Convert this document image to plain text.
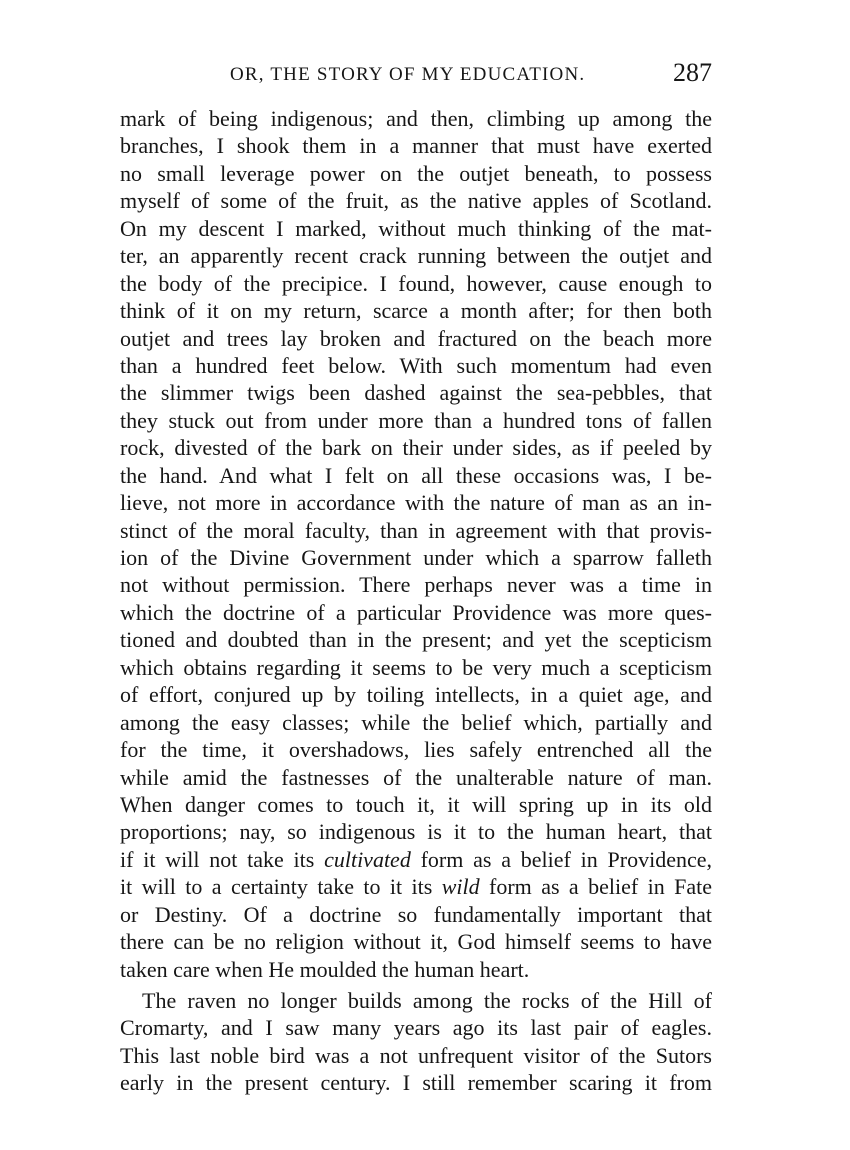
OR, THE STORY OF MY EDUCATION.	287
mark of being indigenous; and then, climbing up among the
branches, I shook them in a manner that must have exerted
no small leverage power on the outjet beneath, to possess
myself of some of the fruit, as the native apples of Scotland.
On my descent I marked, without much thinking of the mat-
ter, an apparently recent crack running between the outjet and
the body of the precipice. I found, however, cause enough to
think of it on my return, scarce a month after; for then both
outjet and trees lay broken and fractured on the beach more
than a hundred feet below. With such momentum had even
the slimmer twigs been dashed against the sea-pebbles, that
they stuck out from under more than a hundred tons of fallen
rock, divested of the bark on their under sides, as if peeled by
the hand. And what I felt on all these occasions was, I be-
lieve, not more in accordance with the nature of man as an in-
stinct of the moral faculty, than in agreement with that provis-
ion of the Divine Government under which a sparrow falleth
not without permission. There perhaps never was a time in
which the doctrine of a particular Providence was more ques-
tioned and doubted than in the present; and yet the scepticism
which obtains regarding it seems to be very much a scepticism
of effort, conjured up by toiling intellects, in a quiet age, and
among the easy classes; while the belief which, partially and
for the time, it overshadows, lies safely entrenched all the
while amid the fastnesses of the unalterable nature of man.
When danger comes to touch it, it will spring up in its old
proportions; nay, so indigenous is it to the human heart, that
if it will not take its cultivated form as a belief in Providence,
it will to a certainty take to it its wild form as a belief in Fate
or Destiny. Of a doctrine so fundamentally important that
there can be no religion without it, God himself seems to have
taken care when He moulded the human heart.
The raven no longer builds among the rocks of the Hill of
Cromarty, and I saw many years ago its last pair of eagles.
This last noble bird was a not unfrequent visitor of the Sutors
early in the present century. I still remember scaring it from
